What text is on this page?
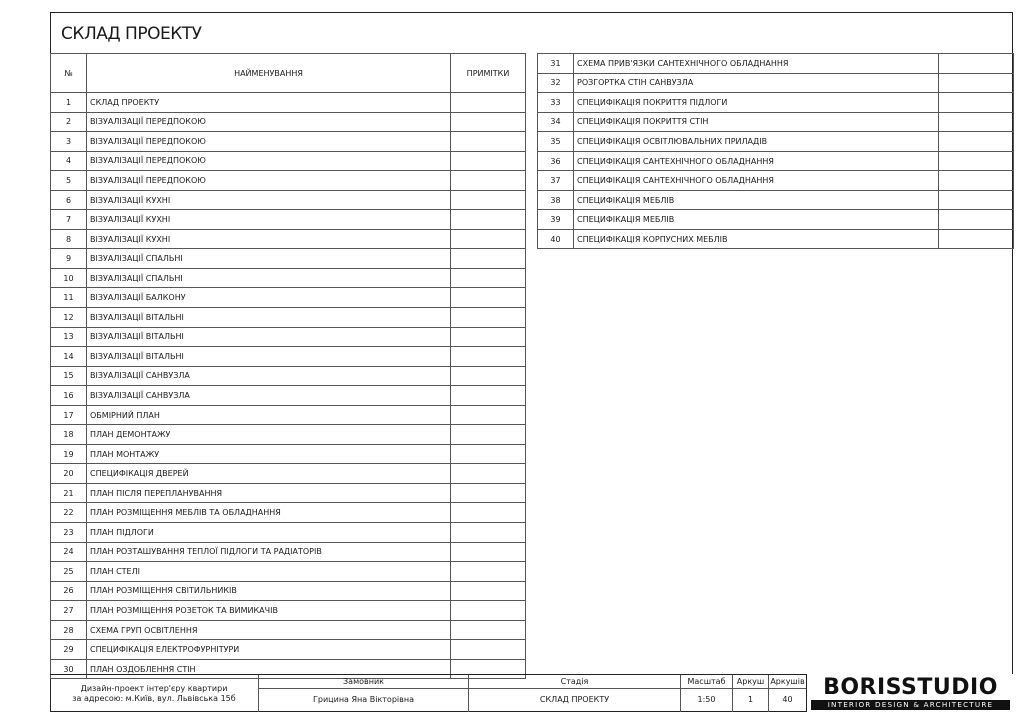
СКЛАД ПРОЕКТУ
№	НАЙМЕНУВАННЯ	ПРИМІТКИ
1	СКЛАД ПРОЕКТУ	
2	ВІЗУАЛІЗАЦІЇ ПЕРЕДПОКОЮ	
3	ВІЗУАЛІЗАЦІЇ ПЕРЕДПОКОЮ	
4	ВІЗУАЛІЗАЦІЇ ПЕРЕДПОКОЮ	
5	ВІЗУАЛІЗАЦІЇ ПЕРЕДПОКОЮ	
6	ВІЗУАЛІЗАЦІЇ КУХНІ	
7	ВІЗУАЛІЗАЦІЇ КУХНІ	
8	ВІЗУАЛІЗАЦІЇ КУХНІ	
9	ВІЗУАЛІЗАЦІЇ СПАЛЬНІ	
10	ВІЗУАЛІЗАЦІЇ СПАЛЬНІ	
11	ВІЗУАЛІЗАЦІЇ БАЛКОНУ	
12	ВІЗУАЛІЗАЦІЇ ВІТАЛЬНІ	
13	ВІЗУАЛІЗАЦІЇ ВІТАЛЬНІ	
14	ВІЗУАЛІЗАЦІЇ ВІТАЛЬНІ	
15	ВІЗУАЛІЗАЦІЇ САНВУЗЛА	
16	ВІЗУАЛІЗАЦІЇ САНВУЗЛА	
17	ОБМІРНИЙ ПЛАН	
18	ПЛАН ДЕМОНТАЖУ	
19	ПЛАН МОНТАЖУ	
20	СПЕЦИФІКАЦІЯ ДВЕРЕЙ	
21	ПЛАН ПІСЛЯ ПЕРЕПЛАНУВАННЯ	
22	ПЛАН РОЗМІЩЕННЯ МЕБЛІВ ТА ОБЛАДНАННЯ	
23	ПЛАН ПІДЛОГИ	
24	ПЛАН РОЗТАШУВАННЯ ТЕПЛОЇ ПІДЛОГИ ТА РАДІАТОРІВ	
25	ПЛАН СТЕЛІ	
26	ПЛАН РОЗМІЩЕННЯ СВІТИЛЬНИКІВ	
27	ПЛАН РОЗМІЩЕННЯ РОЗЕТОК ТА ВИМИКАЧІВ	
28	СХЕМА ГРУП ОСВІТЛЕННЯ	
29	СПЕЦИФІКАЦІЯ ЕЛЕКТРОФУРНІТУРИ	
30	ПЛАН ОЗДОБЛЕННЯ СТІН	
31	СХЕМА ПРИВ'ЯЗКИ САНТЕХНІЧНОГО ОБЛАДНАННЯ	
32	РОЗГОРТКА СТІН САНВУЗЛА	
33	СПЕЦИФІКАЦІЯ ПОКРИТТЯ ПІДЛОГИ	
34	СПЕЦИФІКАЦІЯ ПОКРИТТЯ СТІН	
35	СПЕЦИФІКАЦІЯ ОСВІТЛЮВАЛЬНИХ ПРИЛАДІВ	
36	СПЕЦИФІКАЦІЯ САНТЕХНІЧНОГО ОБЛАДНАННЯ	
37	СПЕЦИФІКАЦІЯ САНТЕХНІЧНОГО ОБЛАДНАННЯ	
38	СПЕЦИФІКАЦІЯ МЕБЛІВ	
39	СПЕЦИФІКАЦІЯ МЕБЛІВ	
40	СПЕЦИФІКАЦІЯ КОРПУСНИХ МЕБЛІВ	
Дизайн-проект інтер'єру квартири
за адресою: м.Київ, вул. Львівська 15б
Замовник
Грицина Яна Вікторівна
Стадія
СКЛАД ПРОЕКТУ
Масштаб
1:50
Аркуш
1
Аркушів
40	BORISSTUDIO
INTERIOR DESIGN & ARCHITECTURE
